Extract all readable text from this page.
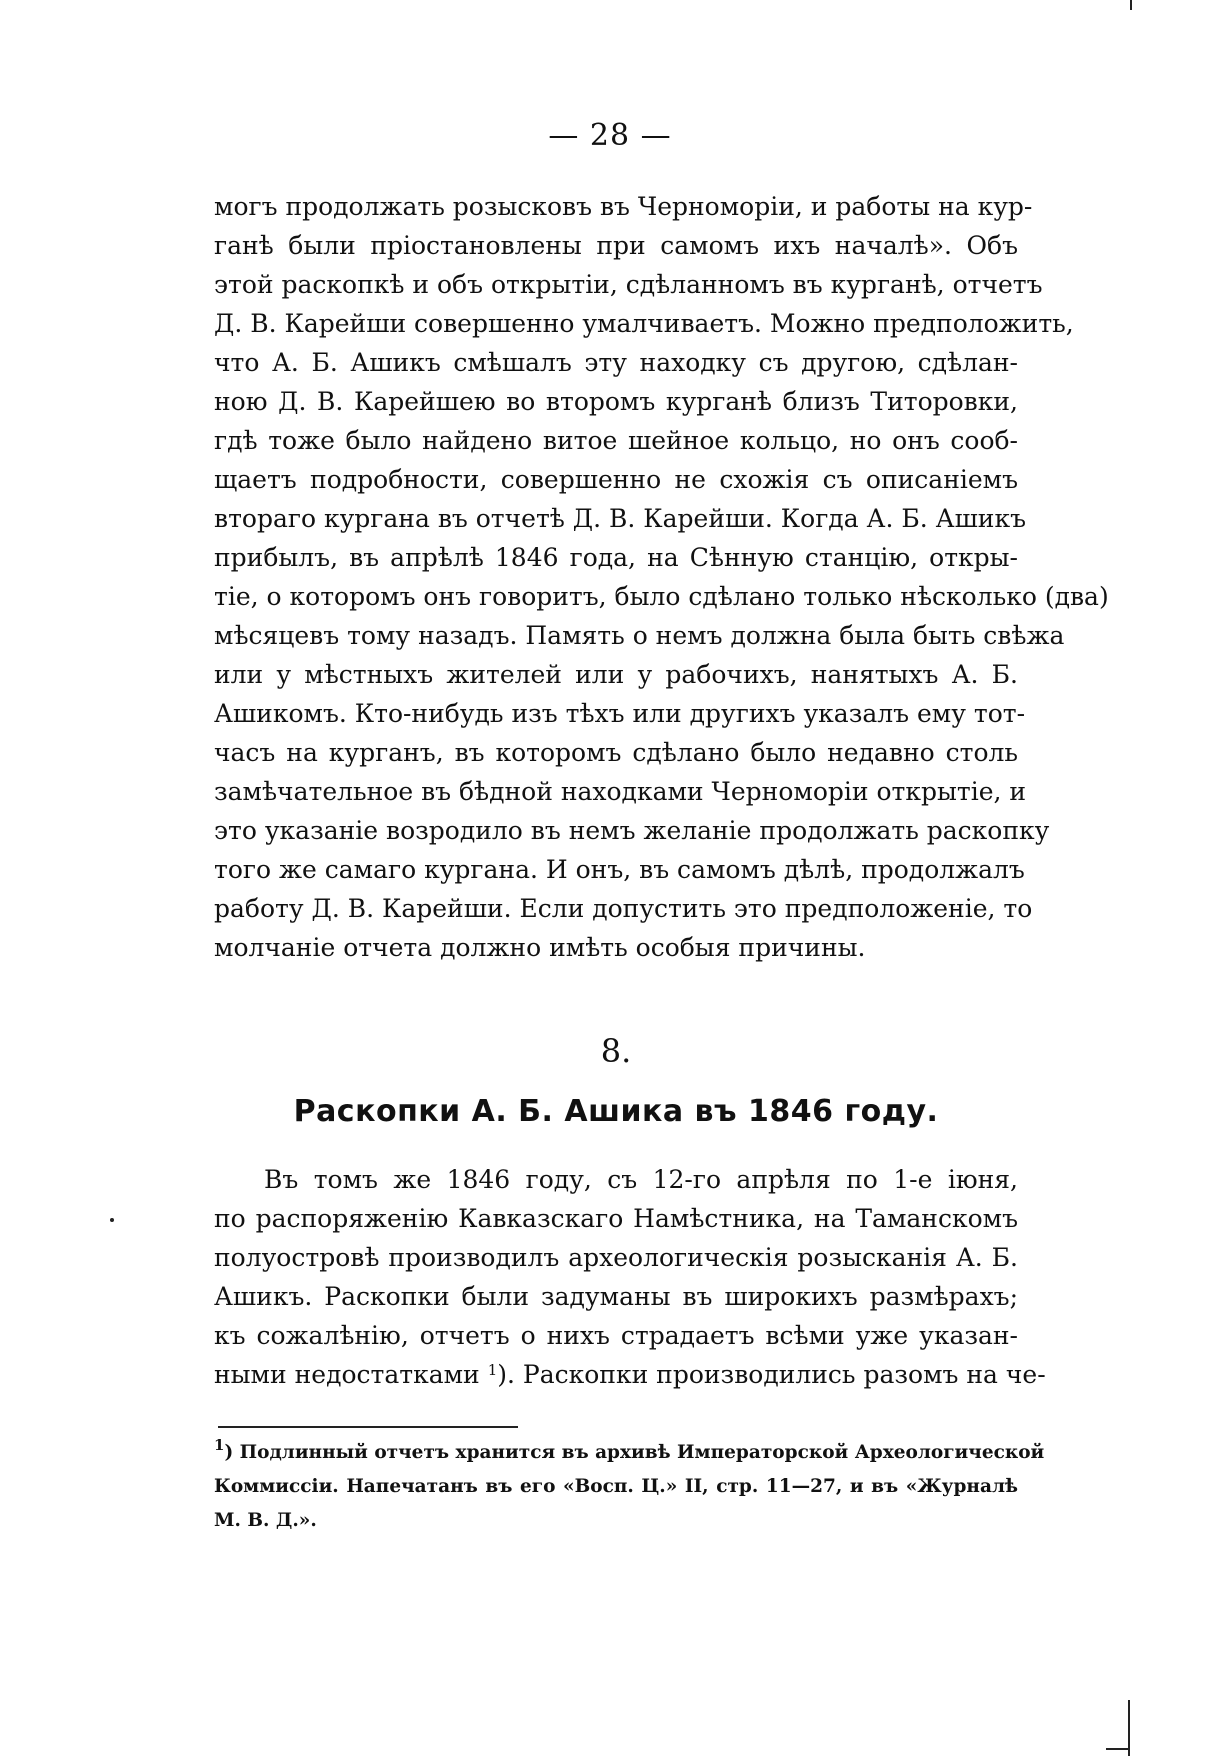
— 28 —
могъ продолжать розысковъ въ Черноморіи, и работы на кур-
ганѣ были пріостановлены при самомъ ихъ началѣ». Объ
этой раскопкѣ и объ открытіи, сдѣланномъ въ курганѣ, отчетъ
Д. В. Карейши совершенно умалчиваетъ. Можно предположить,
что А. Б. Ашикъ смѣшалъ эту находку съ другою, сдѣлан-
ною Д. В. Карейшею во второмъ курганѣ близъ Титоровки,
гдѣ тоже было найдено витое шейное кольцо, но онъ сооб-
щаетъ подробности, совершенно не схожія съ описаніемъ
втораго кургана въ отчетѣ Д. В. Карейши. Когда А. Б. Ашикъ
прибылъ, въ апрѣлѣ 1846 года, на Сѣнную станцію, откры-
тіе, о которомъ онъ говоритъ, было сдѣлано только нѣсколько (два)
мѣсяцевъ тому назадъ. Память о немъ должна была быть свѣжа
или у мѣстныхъ жителей или у рабочихъ, нанятыхъ А. Б.
Ашикомъ. Кто-нибудь изъ тѣхъ или другихъ указалъ ему тот-
часъ на курганъ, въ которомъ сдѣлано было недавно столь
замѣчательное въ бѣдной находками Черноморіи открытіе, и
это указаніе возродило въ немъ желаніе продолжать раскопку
того же самаго кургана. И онъ, въ самомъ дѣлѣ, продолжалъ
работу Д. В. Карейши. Если допустить это предположеніе, то
молчаніе отчета должно имѣть особыя причины.
8.
Раскопки А. Б. Ашика въ 1846 году.
Въ томъ же 1846 году, съ 12-го апрѣля по 1-е іюня,
по распоряженію Кавказскаго Намѣстника, на Таманскомъ
полуостровѣ производилъ археологическія розысканія А. Б.
Ашикъ. Раскопки были задуманы въ широкихъ размѣрахъ;
къ сожалѣнію, отчетъ о нихъ страдаетъ всѣми уже указан-
ными недостатками $^1$). Раскопки производились разомъ на че-
$^1$) Подлинный отчетъ хранится въ архивѣ Императорской Археологической
Коммиссіи. Напечатанъ въ его «Восп. Ц.» II, стр. 11—27, и въ «Журналѣ
М. В. Д.».
